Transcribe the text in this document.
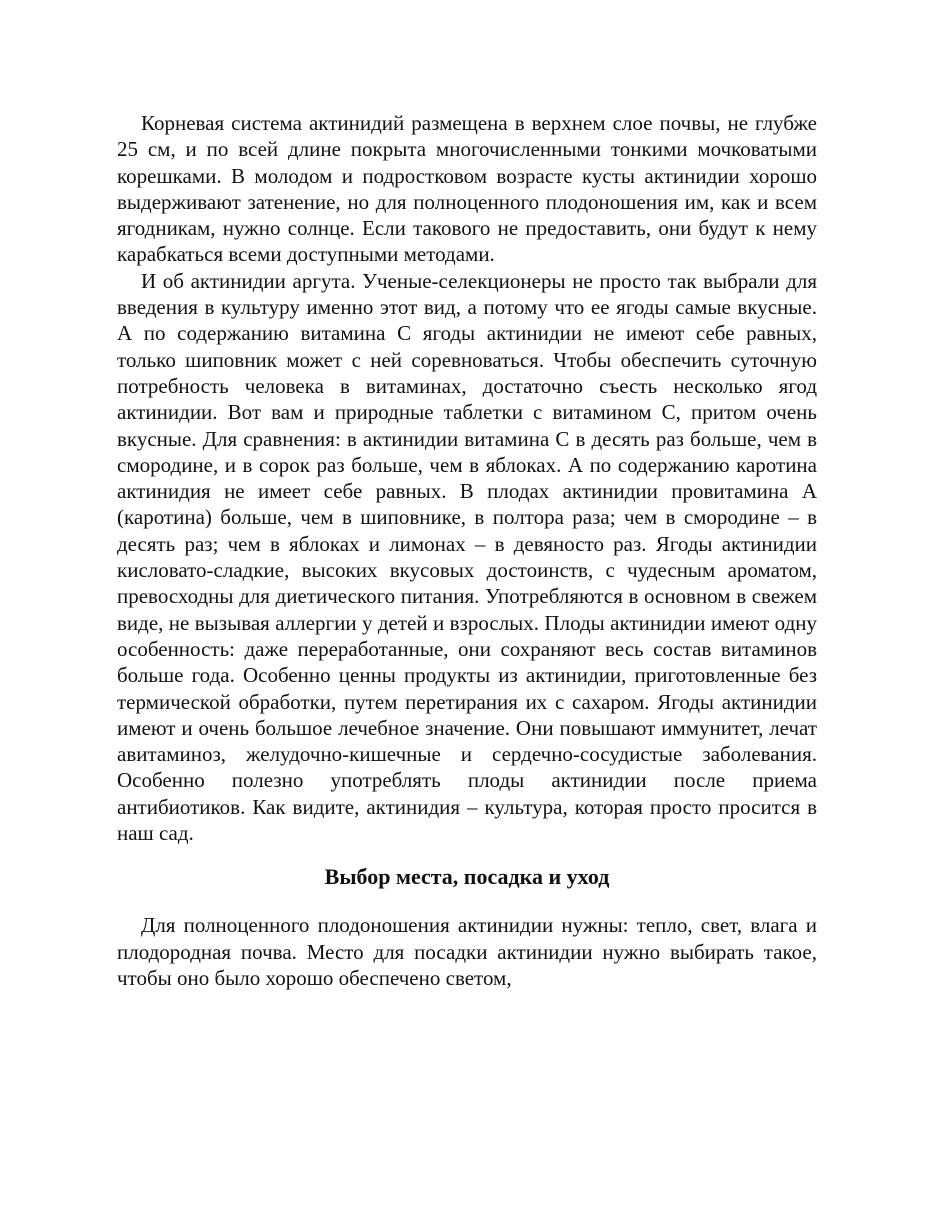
Корневая система актинидий размещена в верхнем слое почвы, не глубже 25 см, и по всей длине покрыта многочисленными тонкими мочковатыми корешками. В молодом и подростковом возрасте кусты актинидии хорошо выдерживают затенение, но для полноценного плодоношения им, как и всем ягодникам, нужно солнце. Если такового не предоставить, они будут к нему карабкаться всеми доступными методами.

И об актинидии аргута. Ученые-селекционеры не просто так выбрали для введения в культуру именно этот вид, а потому что ее ягоды самые вкусные. А по содержанию витамина С ягоды актинидии не имеют себе равных, только шиповник может с ней соревноваться. Чтобы обеспечить суточную потребность человека в витаминах, достаточно съесть несколько ягод актинидии. Вот вам и природные таблетки с витамином С, притом очень вкусные. Для сравнения: в актинидии витамина С в десять раз больше, чем в смородине, и в сорок раз больше, чем в яблоках. А по содержанию каротина актинидия не имеет себе равных. В плодах актинидии провитамина А (каротина) больше, чем в шиповнике, в полтора раза; чем в смородине – в десять раз; чем в яблоках и лимонах – в девяносто раз. Ягоды актинидии кисловато-сладкие, высоких вкусовых достоинств, с чудесным ароматом, превосходны для диетического питания. Употребляются в основном в свежем виде, не вызывая аллергии у детей и взрослых. Плоды актинидии имеют одну особенность: даже переработанные, они сохраняют весь состав витаминов больше года. Особенно ценны продукты из актинидии, приготовленные без термической обработки, путем перетирания их с сахаром. Ягоды актинидии имеют и очень большое лечебное значение. Они повышают иммунитет, лечат авитаминоз, желудочно-кишечные и сердечно-сосудистые заболевания. Особенно полезно употреблять плоды актинидии после приема антибиотиков. Как видите, актинидия – культура, которая просто просится в наш сад.

Выбор места, посадка и уход

Для полноценного плодоношения актинидии нужны: тепло, свет, влага и плодородная почва. Место для посадки актинидии нужно выбирать такое, чтобы оно было хорошо обеспечено светом,
